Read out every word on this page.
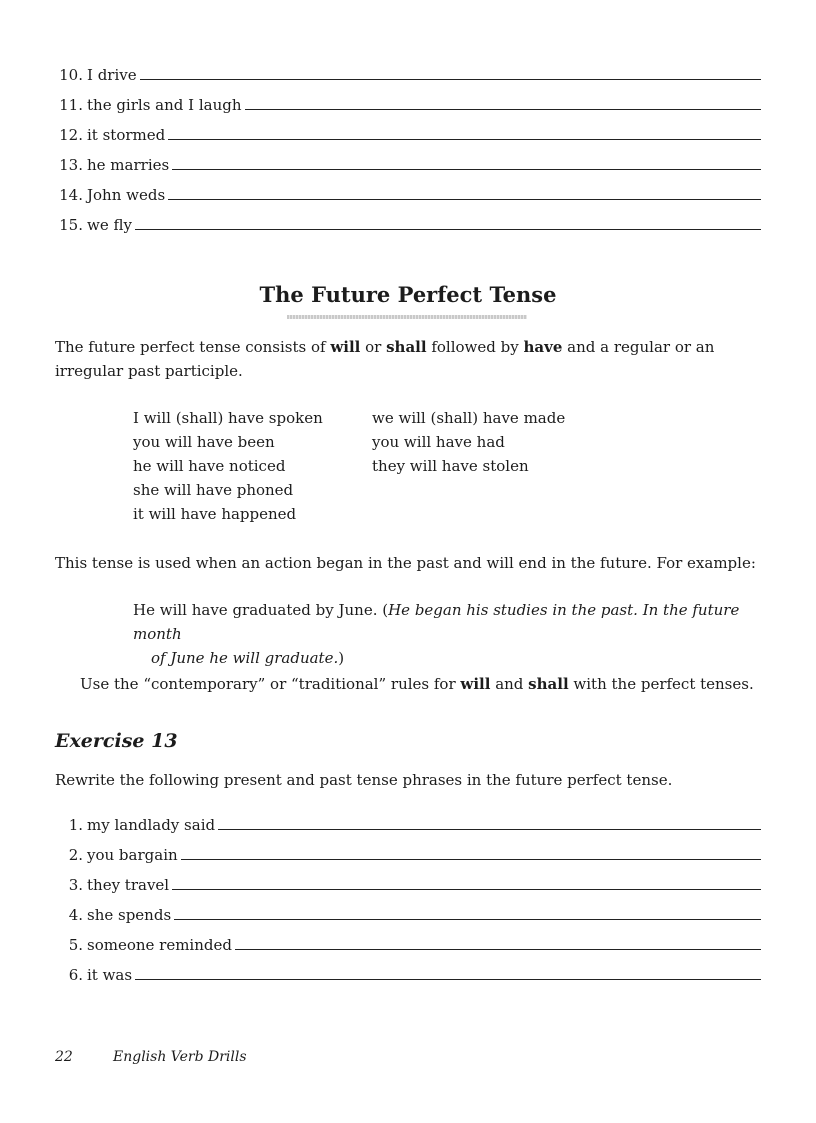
10. I drive
11. the girls and I laugh
12. it stormed
13. he marries
14. John weds
15. we fly
The Future Perfect Tense
The future perfect tense consists of will or shall followed by have and a regular or an irregular past participle.
I will (shall) have spoken
you will have been
he will have noticed
she will have phoned
it will have happened
we will (shall) have made
you will have had
they will have stolen
This tense is used when an action began in the past and will end in the future. For example:
He will have graduated by June. (He began his studies in the past. In the future month
of June he will graduate.)
Use the “contemporary” or “traditional” rules for will and shall with the perfect tenses.
Exercise 13
Rewrite the following present and past tense phrases in the future perfect tense.
1. my landlady said
2. you bargain
3. they travel
4. she spends
5. someone reminded
6. it was
22	English Verb Drills
